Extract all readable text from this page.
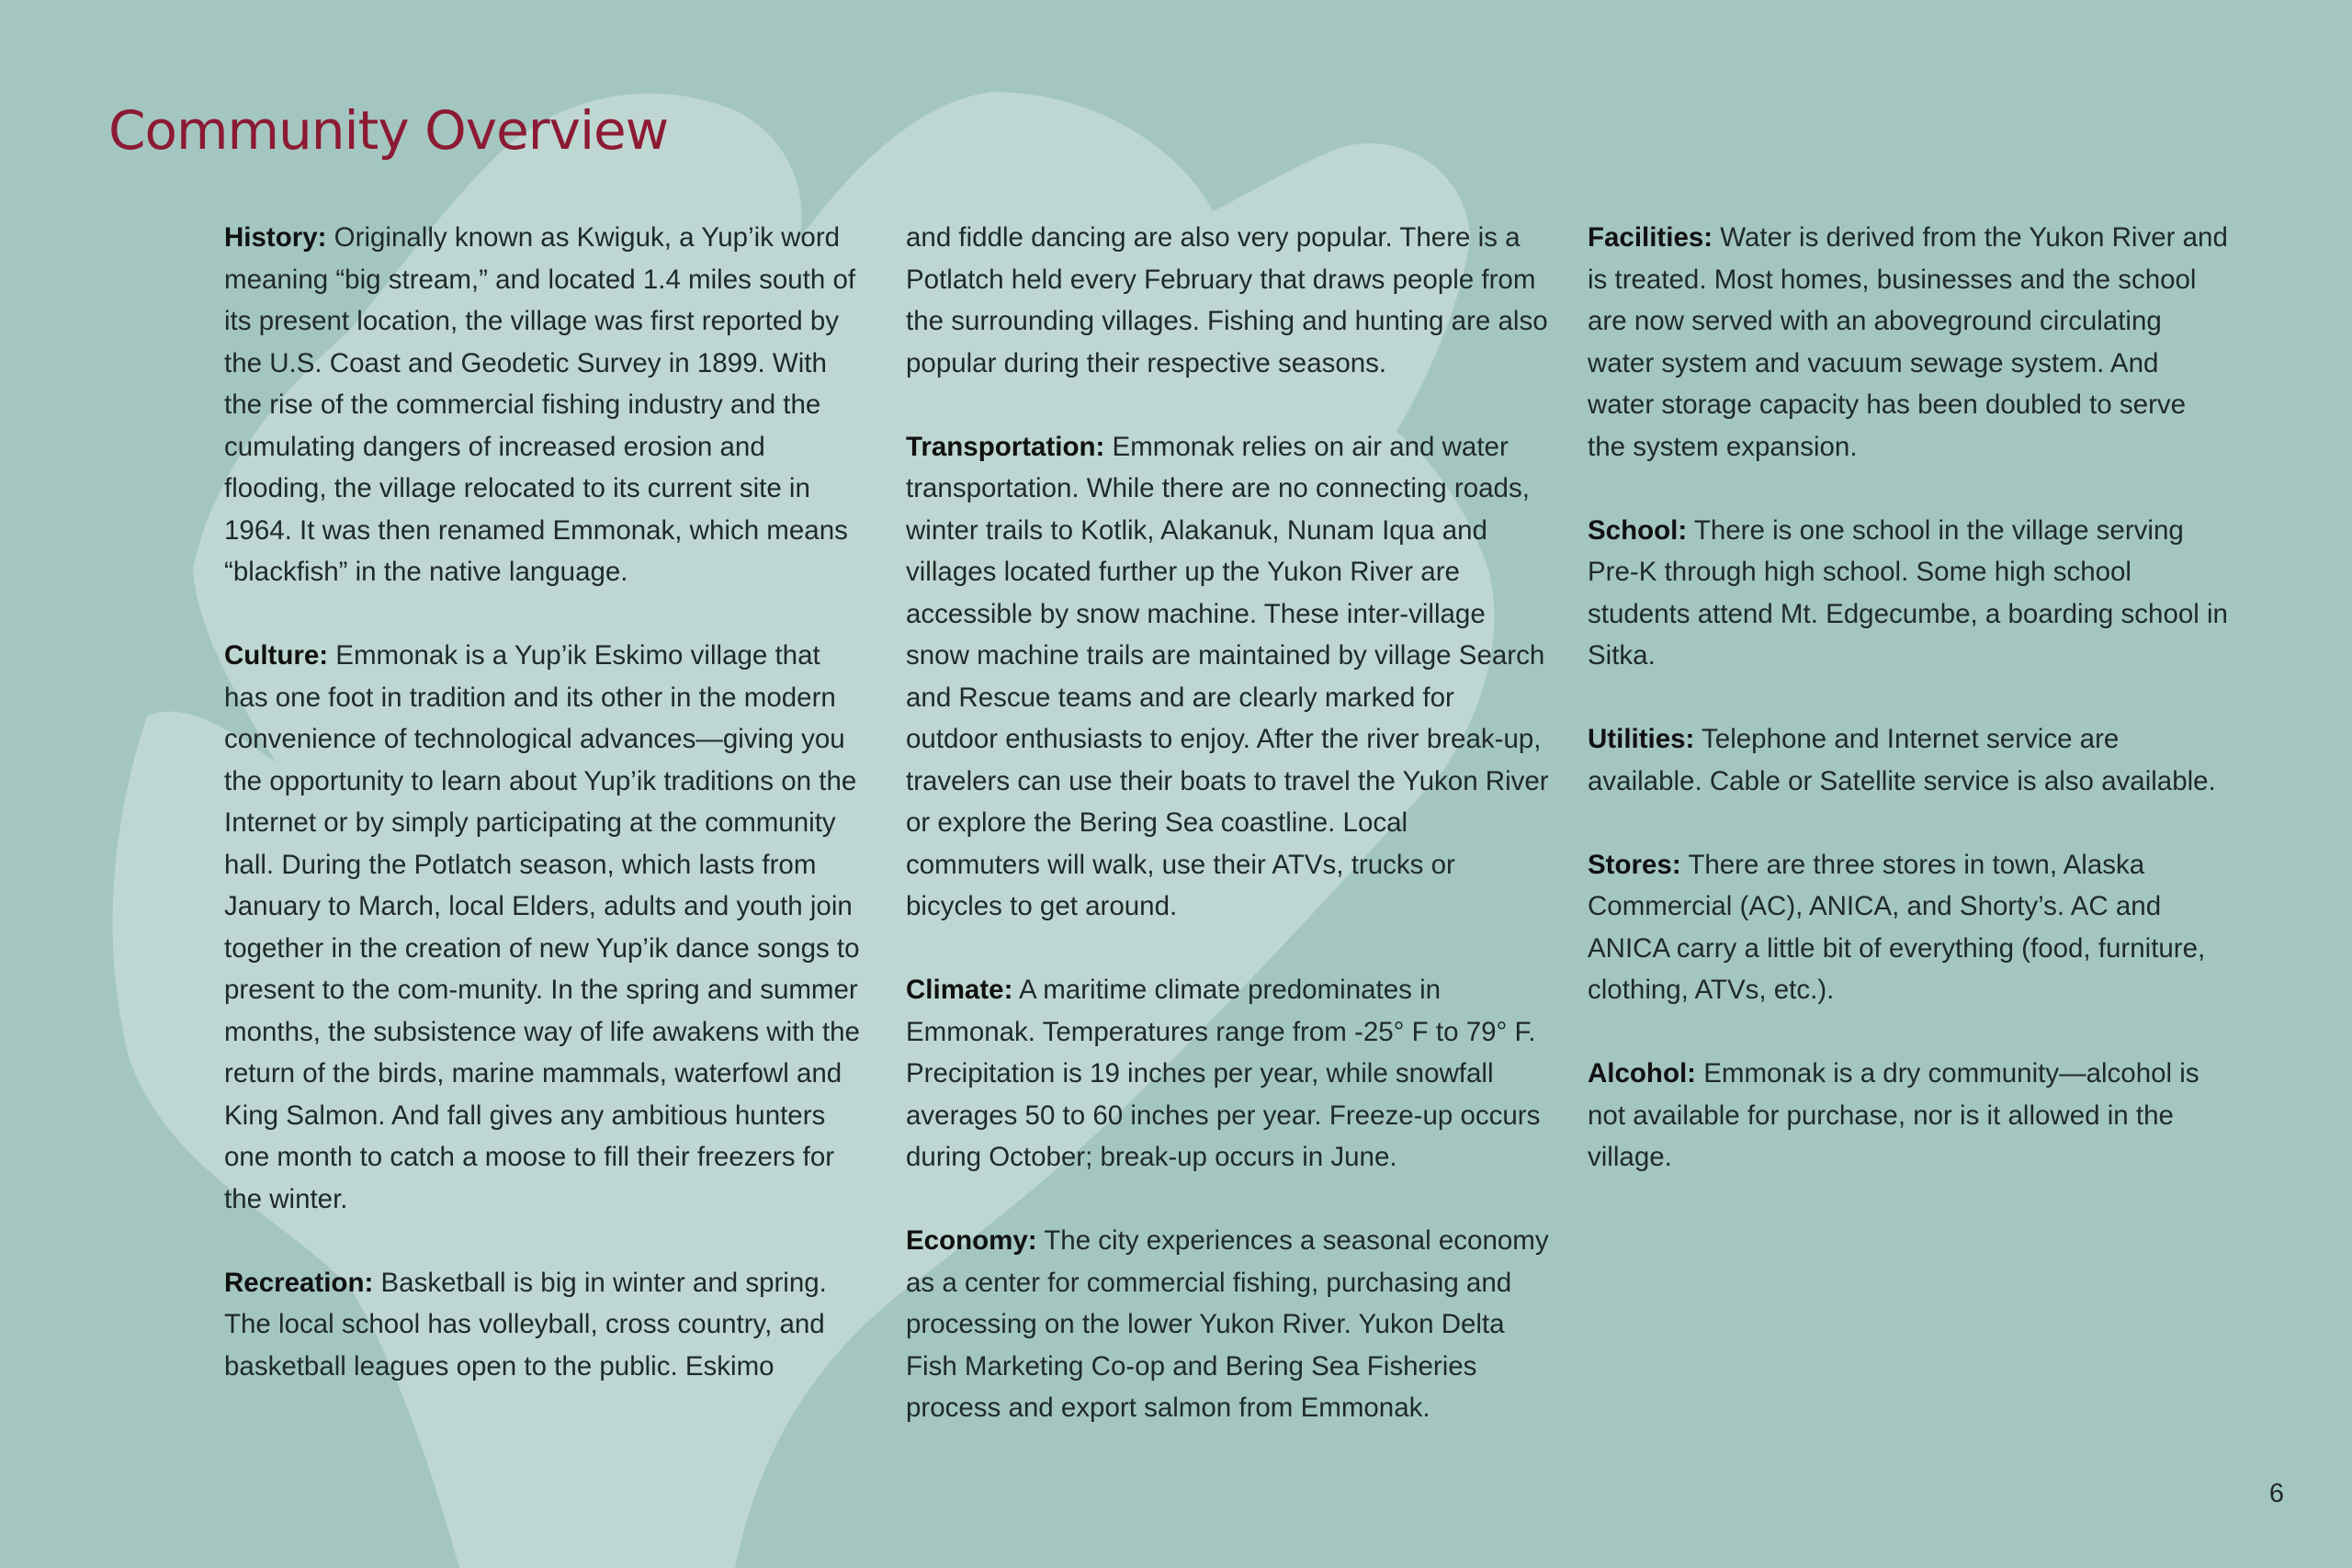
Community Overview

History: Originally known as Kwiguk, a Yup’ik word meaning “big stream,” and located 1.4 miles south of its present location, the village was first reported by the U.S. Coast and Geodetic Survey in 1899. With the rise of the commercial fishing industry and the cumulating dangers of increased erosion and flooding, the village relocated to its current site in 1964. It was then renamed Emmonak, which means “blackfish” in the native language.

Culture: Emmonak is a Yup’ik Eskimo village that has one foot in tradition and its other in the modern convenience of technological advances—giving you the opportunity to learn about Yup’ik traditions on the Internet or by simply participating at the community hall. During the Potlatch season, which lasts from January to March, local Elders, adults and youth join together in the creation of new Yup’ik dance songs to present to the com-munity. In the spring and summer months, the subsistence way of life awakens with the return of the birds, marine mammals, waterfowl and King Salmon. And fall gives any ambitious hunters one month to catch a moose to fill their freezers for the winter.

Recreation: Basketball is big in winter and spring. The local school has volleyball, cross country, and basketball leagues open to the public. Eskimo

and fiddle dancing are also very popular. There is a Potlatch held every February that draws people from the surrounding villages. Fishing and hunting are also popular during their respective seasons.

Transportation: Emmonak relies on air and water transportation. While there are no connecting roads, winter trails to Kotlik, Alakanuk, Nunam Iqua and villages located further up the Yukon River are accessible by snow machine. These inter-village snow machine trails are maintained by village Search and Rescue teams and are clearly marked for outdoor enthusiasts to enjoy. After the river break-up, travelers can use their boats to travel the Yukon River or explore the Bering Sea coastline. Local commuters will walk, use their ATVs, trucks or bicycles to get around.

Climate: A maritime climate predominates in Emmonak. Temperatures range from -25° F to 79° F. Precipitation is 19 inches per year, while snowfall averages 50 to 60 inches per year. Freeze-up occurs during October; break-up occurs in June.

Economy: The city experiences a seasonal economy as a center for commercial fishing, purchasing and processing on the lower Yukon River. Yukon Delta Fish Marketing Co-op and Bering Sea Fisheries process and export salmon from Emmonak.

Facilities: Water is derived from the Yukon River and is treated. Most homes, businesses and the school are now served with an aboveground circulating water system and vacuum sewage system. And water storage capacity has been doubled to serve the system expansion.

School: There is one school in the village serving Pre-K through high school. Some high school students attend Mt. Edgecumbe, a boarding school in Sitka.

Utilities: Telephone and Internet service are available. Cable or Satellite service is also available.

Stores: There are three stores in town, Alaska Commercial (AC), ANICA, and Shorty’s. AC and ANICA carry a little bit of everything (food, furniture, clothing, ATVs, etc.).

Alcohol: Emmonak is a dry community—alcohol is not available for purchase, nor is it allowed in the village.

6
